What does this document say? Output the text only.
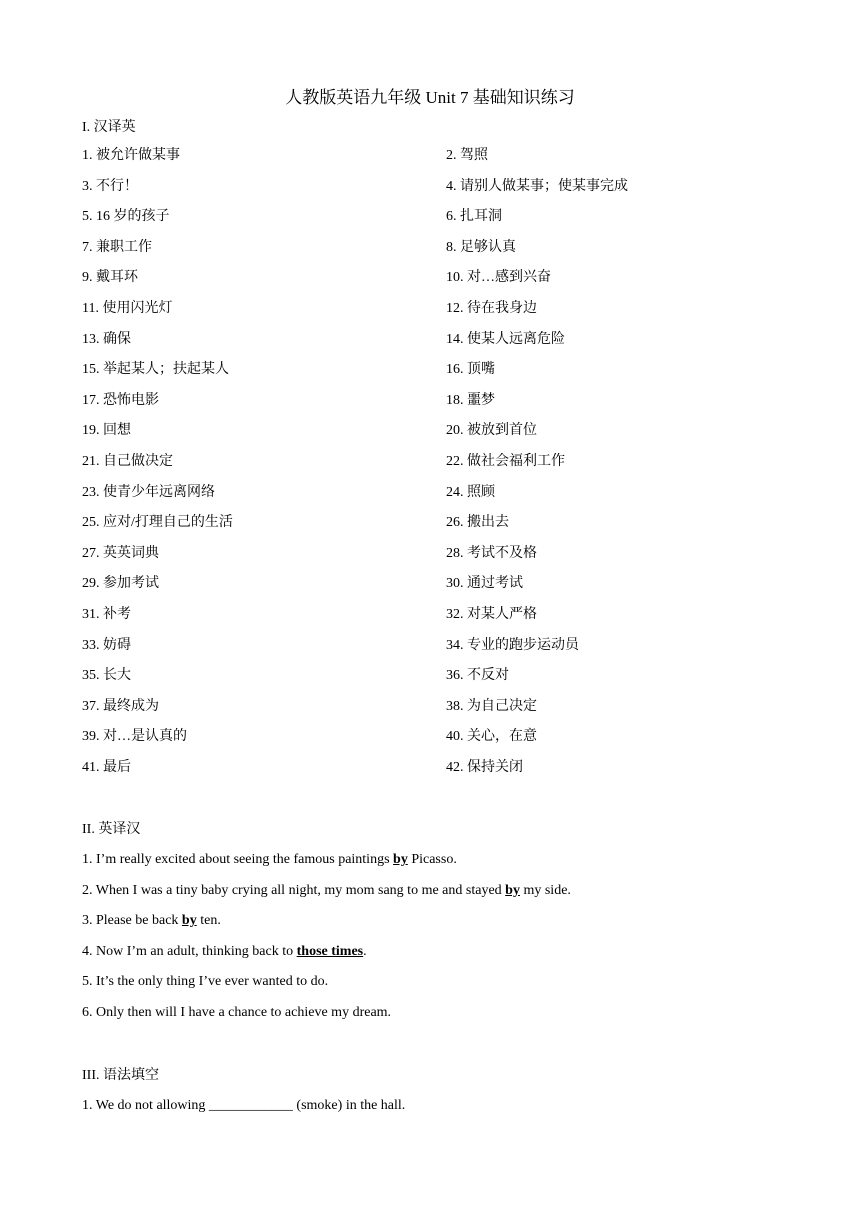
人教版英语九年级 Unit 7 基础知识练习
I. 汉译英
1. 被允许做某事	2. 驾照
3. 不行！	4. 请别人做某事；使某事完成
5. 16 岁的孩子	6. 扎耳洞
7. 兼职工作	8. 足够认真
9. 戴耳环	10. 对…感到兴奋
11. 使用闪光灯	12. 待在我身边
13. 确保	14. 使某人远离危险
15. 举起某人；扶起某人	16. 顶嘴
17. 恐怖电影	18. 噩梦
19. 回想	20. 被放到首位
21. 自己做决定	22. 做社会福利工作
23. 使青少年远离网络	24. 照顾
25. 应对/打理自己的生活	26. 搬出去
27. 英英词典	28. 考试不及格
29. 参加考试	30. 通过考试
31. 补考	32. 对某人严格
33. 妨碍	34. 专业的跑步运动员
35. 长大	36. 不反对
37. 最终成为	38. 为自己决定
39. 对…是认真的	40. 关心，在意
41. 最后	42. 保持关闭
II. 英译汉
1. I’m really excited about seeing the famous paintings by Picasso.
2. When I was a tiny baby crying all night, my mom sang to me and stayed by my side.
3. Please be back by ten.
4. Now I’m an adult, thinking back to those times.
5. It’s the only thing I’ve ever wanted to do.
6. Only then will I have a chance to achieve my dream.
III. 语法填空
1. We do not allowing ____________ (smoke) in the hall.
